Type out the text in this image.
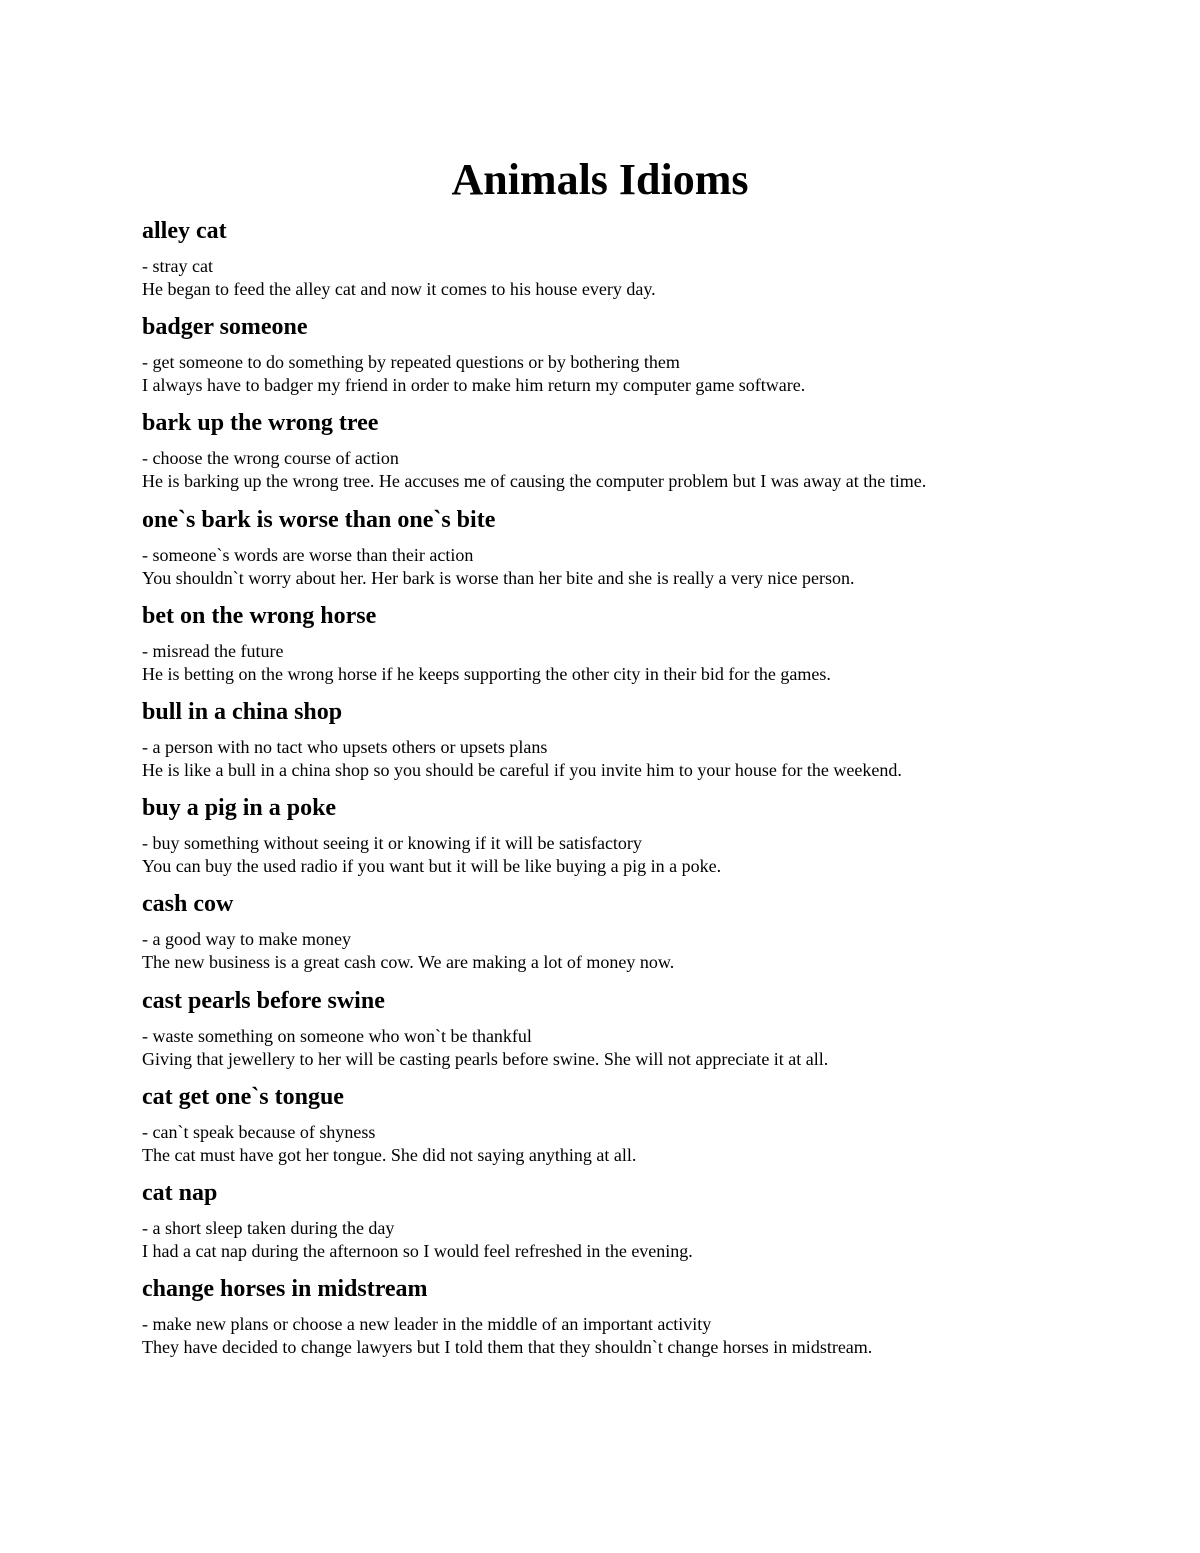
Animals Idioms
alley cat
- stray cat
He began to feed the alley cat and now it comes to his house every day.
badger someone
- get someone to do something by repeated questions or by bothering them
I always have to badger my friend in order to make him return my computer game software.
bark up the wrong tree
- choose the wrong course of action
He is barking up the wrong tree. He accuses me of causing the computer problem but I was away at the time.
one`s bark is worse than one`s bite
- someone`s words are worse than their action
You shouldn`t worry about her. Her bark is worse than her bite and she is really a very nice person.
bet on the wrong horse
- misread the future
He is betting on the wrong horse if he keeps supporting the other city in their bid for the games.
bull in a china shop
- a person with no tact who upsets others or upsets plans
He is like a bull in a china shop so you should be careful if you invite him to your house for the weekend.
buy a pig in a poke
- buy something without seeing it or knowing if it will be satisfactory
You can buy the used radio if you want but it will be like buying a pig in a poke.
cash cow
- a good way to make money
The new business is a great cash cow. We are making a lot of money now.
cast pearls before swine
- waste something on someone who won`t be thankful
Giving that jewellery to her will be casting pearls before swine. She will not appreciate it at all.
cat get one`s tongue
- can`t speak because of shyness
The cat must have got her tongue. She did not saying anything at all.
cat nap
- a short sleep taken during the day
I had a cat nap during the afternoon so I would feel refreshed in the evening.
change horses in midstream
- make new plans or choose a new leader in the middle of an important activity
They have decided to change lawyers but I told them that they shouldn`t change horses in midstream.
